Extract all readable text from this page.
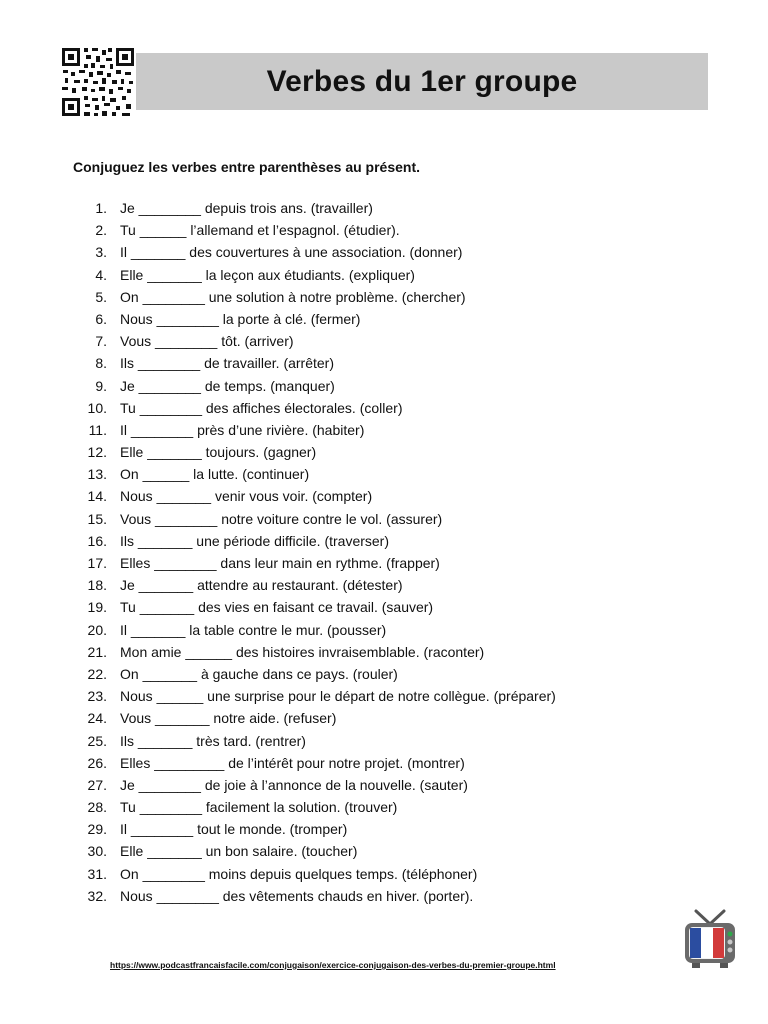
Verbes du 1er groupe
Conjuguez les verbes entre parenthèses au présent.
1. Je ________ depuis trois ans. (travailler)
2. Tu ______ l’allemand et l’espagnol. (étudier).
3. Il _______ des couvertures à une association. (donner)
4. Elle _______ la leçon aux étudiants. (expliquer)
5. On ________ une solution à notre problème. (chercher)
6. Nous ________ la porte à clé. (fermer)
7. Vous ________ tôt. (arriver)
8. Ils ________ de travailler. (arrêter)
9. Je ________ de temps. (manquer)
10. Tu ________ des affiches électorales. (coller)
11. Il ________ près d’une rivière. (habiter)
12. Elle _______ toujours. (gagner)
13. On ______ la lutte. (continuer)
14. Nous _______ venir vous voir. (compter)
15. Vous ________ notre voiture contre le vol. (assurer)
16. Ils _______ une période difficile. (traverser)
17. Elles ________ dans leur main en rythme. (frapper)
18. Je _______ attendre au restaurant. (détester)
19. Tu _______ des vies en faisant ce travail. (sauver)
20. Il _______ la table contre le mur. (pousser)
21. Mon amie ______ des histoires invraisemblable. (raconter)
22. On _______ à gauche dans ce pays. (rouler)
23. Nous ______ une surprise pour le départ de notre collègue. (préparer)
24. Vous _______ notre aide. (refuser)
25. Ils _______ très tard. (rentrer)
26. Elles _________ de l’intérêt pour notre projet. (montrer)
27. Je ________ de joie à l’annonce de la nouvelle. (sauter)
28. Tu ________ facilement la solution. (trouver)
29. Il ________ tout le monde. (tromper)
30. Elle _______ un bon salaire. (toucher)
31. On ________ moins depuis quelques temps. (téléphoner)
32. Nous ________ des vêtements chauds en hiver. (porter).
https://www.podcastfrancaisfacile.com/conjugaison/exercice-conjugaison-des-verbes-du-premier-groupe.html
